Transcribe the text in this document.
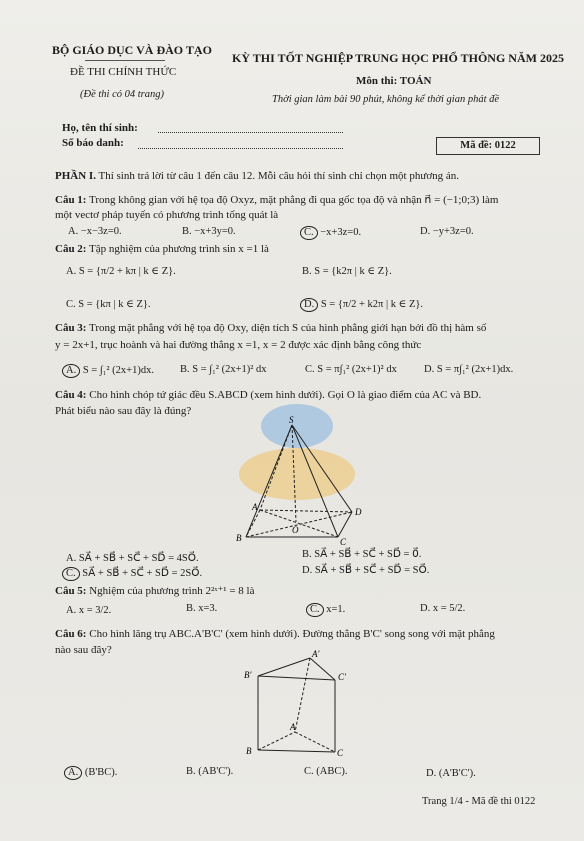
BỘ GIÁO DỤC VÀ ĐÀO TẠO
ĐỀ THI CHÍNH THỨC
(Đề thi có 04 trang)
KỲ THI TỐT NGHIỆP TRUNG HỌC PHỔ THÔNG NĂM 2025
Môn thi: TOÁN
Thời gian làm bài 90 phút, không kể thời gian phát đề
Họ, tên thí sinh:
Số báo danh:	Mã đề: 0122
PHẦN I. Thí sinh trả lời từ câu 1 đến câu 12. Mỗi câu hỏi thí sinh chỉ chọn một phương án.
Câu 1: Trong không gian với hệ tọa độ Oxyz, mặt phẳng đi qua gốc tọa độ và nhận n⃗ = (−1;0;3) làm
một vectơ pháp tuyến có phương trình tổng quát là
A. −x−3z=0.	B. −x+3y=0.	C. −x+3z=0.	D. −y+3z=0.
Câu 2: Tập nghiệm của phương trình sin x =1 là
A. S = {π/2 + kπ | k ∈ Z}.	B. S = {k2π | k ∈ Z}.
C. S = {kπ | k ∈ Z}.	D. S = {π/2 + k2π | k ∈ Z}.
Câu 3: Trong mặt phẳng với hệ tọa độ Oxy, diện tích S của hình phẳng giới hạn bởi đồ thị hàm số
y = 2x+1, trục hoành và hai đường thẳng x =1, x = 2 được xác định bằng công thức
A. S = ∫₁² (2x+1)dx. B. S = ∫₁² (2x+1)² dx	C. S = π∫₁² (2x+1)² dx	D. S = π∫₁² (2x+1)dx.
Câu 4: Cho hình chóp tứ giác đều S.ABCD (xem hình dưới). Gọi O là giao điểm của AC và BD.
Phát biểu nào sau đây là đúng?
S
A
B	C
D
O
A. SA⃗ + SB⃗ + SC⃗ + SD⃗ = 4SO⃗.	B. SA⃗ + SB⃗ + SC⃗ + SD⃗ = 0⃗.
C. SA⃗ + SB⃗ + SC⃗ + SD⃗ = 2SO⃗.	D. SA⃗ + SB⃗ + SC⃗ + SD⃗ = SO⃗.
Câu 5: Nghiệm của phương trình 2²ˣ⁺¹ = 8 là
A. x = 3/2.	B. x=3.	C. x=1.	D. x = 5/2.
Câu 6: Cho hình lăng trụ ABC.A'B'C' (xem hình dưới). Đường thẳng B'C' song song với mặt phẳng
nào sau đây?	A'
B'	C'
B
A
C
A. (B'BC).	B. (AB'C').	C. (ABC).	D. (A'B'C').
Trang 1/4 - Mã đề thi 0122
